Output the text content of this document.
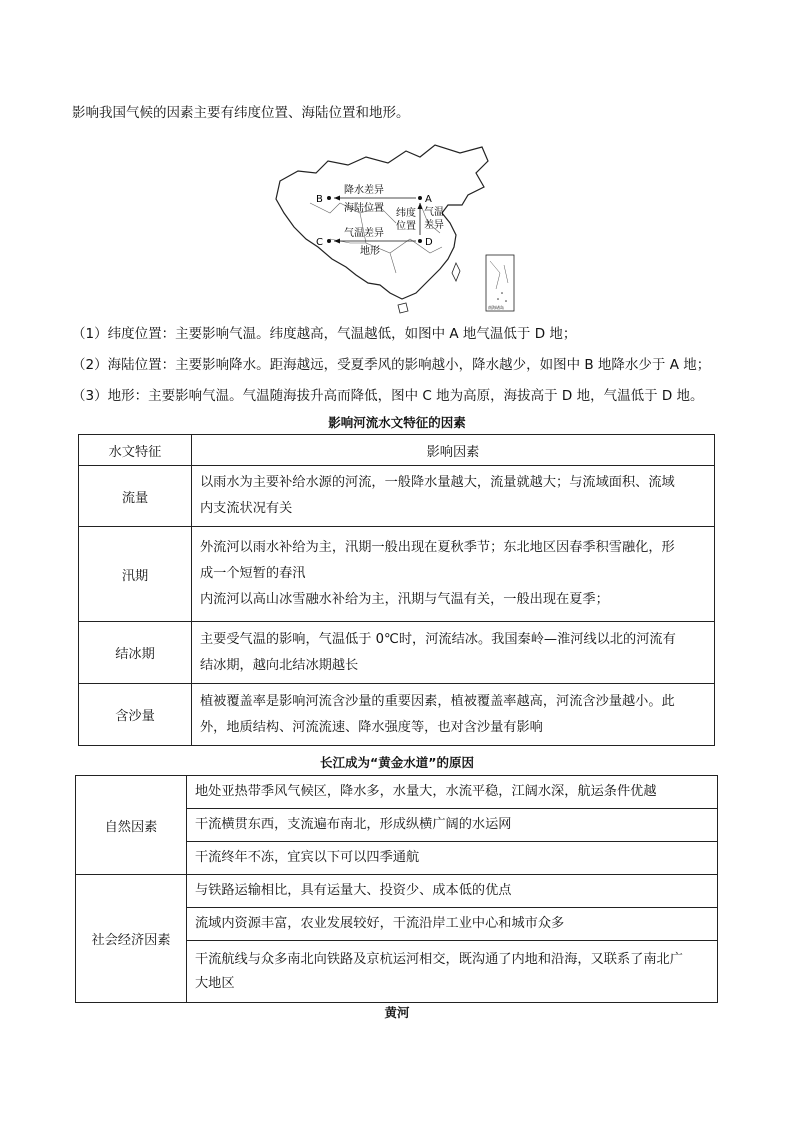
影响我国气候的因素主要有纬度位置、海陆位置和地形。
B	A
C	D
降水差异
海陆位置 纬度
位置
气温
差异
气温差异
地形
南海诸岛
（1）纬度位置：主要影响气温。纬度越高，气温越低，如图中 A 地气温低于 D 地；
（2）海陆位置：主要影响降水。距海越远，受夏季风的影响越小，降水越少，如图中 B 地降水少于 A 地；
（3）地形：主要影响气温。气温随海拔升高而降低，图中 C 地为高原，海拔高于 D 地，气温低于 D 地。
影响河流水文特征的因素
水文特征	影响因素
流量	以雨水为主要补给水源的河流，一般降水量越大，流量就越大；与流域面积、流域
内支流状况有关

汛期	外流河以雨水补给为主，汛期一般出现在夏秋季节；东北地区因春季积雪融化，形
成一个短暂的春汛
内流河以高山冰雪融水补给为主，汛期与气温有关，一般出现在夏季；

结冰期	主要受气温的影响，气温低于 0℃时，河流结冰。我国秦岭—淮河线以北的河流有
结冰期，越向北结冰期越长

含沙量	植被覆盖率是影响河流含沙量的重要因素，植被覆盖率越高，河流含沙量越小。此
外，地质结构、河流流速、降水强度等，也对含沙量有影响
长江成为“黄金水道”的原因
自然因素	地处亚热带季风气候区，降水多，水量大，水流平稳，江阔水深，航运条件优越
	干流横贯东西，支流遍布南北，形成纵横广阔的水运网
	干流终年不冻，宜宾以下可以四季通航
社会经济因素	与铁路运输相比，具有运量大、投资少、成本低的优点
	流域内资源丰富，农业发展较好，干流沿岸工业中心和城市众多

	干流航线与众多南北向铁路及京杭运河相交，既沟通了内地和沿海，又联系了南北广
大地区
黄河
